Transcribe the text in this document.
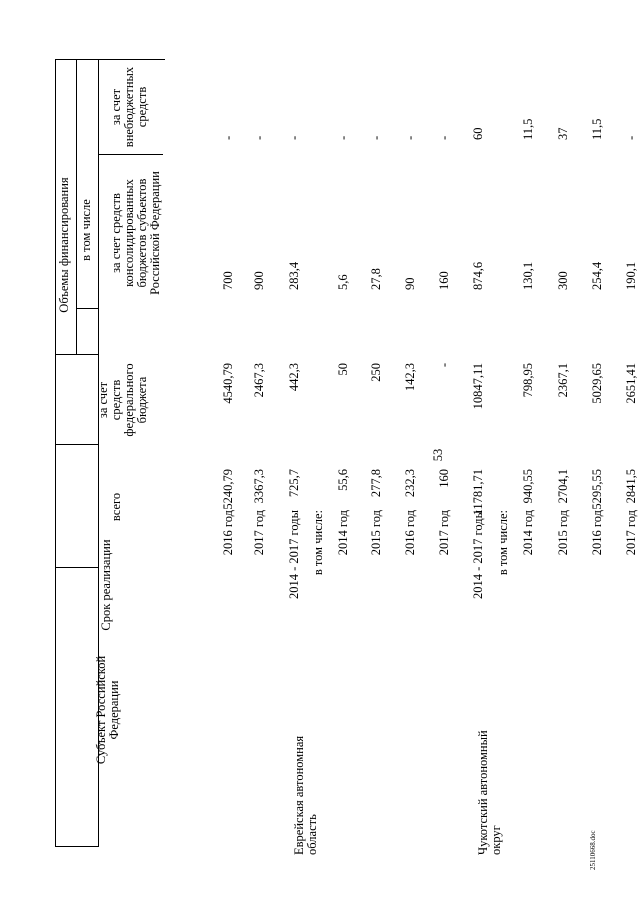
53
25110668.doc
Субъект Российской Федерации
Срок реализации
всего
за счет средств федерального бюджета
Объемы финансирования в том числе за счет средств консолидированных бюджетов субъектов Российской Федерации
за счет внебюджетных средств
2016 год
5240,79
4540,79
700
-
2017 год
3367,3
2467,3
900
-
Еврейская автономная область
2014 - 2017 годы
725,7
442,3
283,4
-
в том числе: 2014 год
55,6
50
5,6
-
2015 год
277,8
250
27,8
-
2016 год
232,3
142,3
90
-
2017 год
160
-
160
-
Чукотский автономный округ
2014 - 2017 годы
11781,71
10847,11
874,6
60
в том числе: 2014 год
940,55
798,95
130,1
11,5
2015 год
2704,1
2367,1
300
37
2016 год
5295,55
5029,65
254,4
11,5
2017 год
2841,5
2651,41
190,1
-
